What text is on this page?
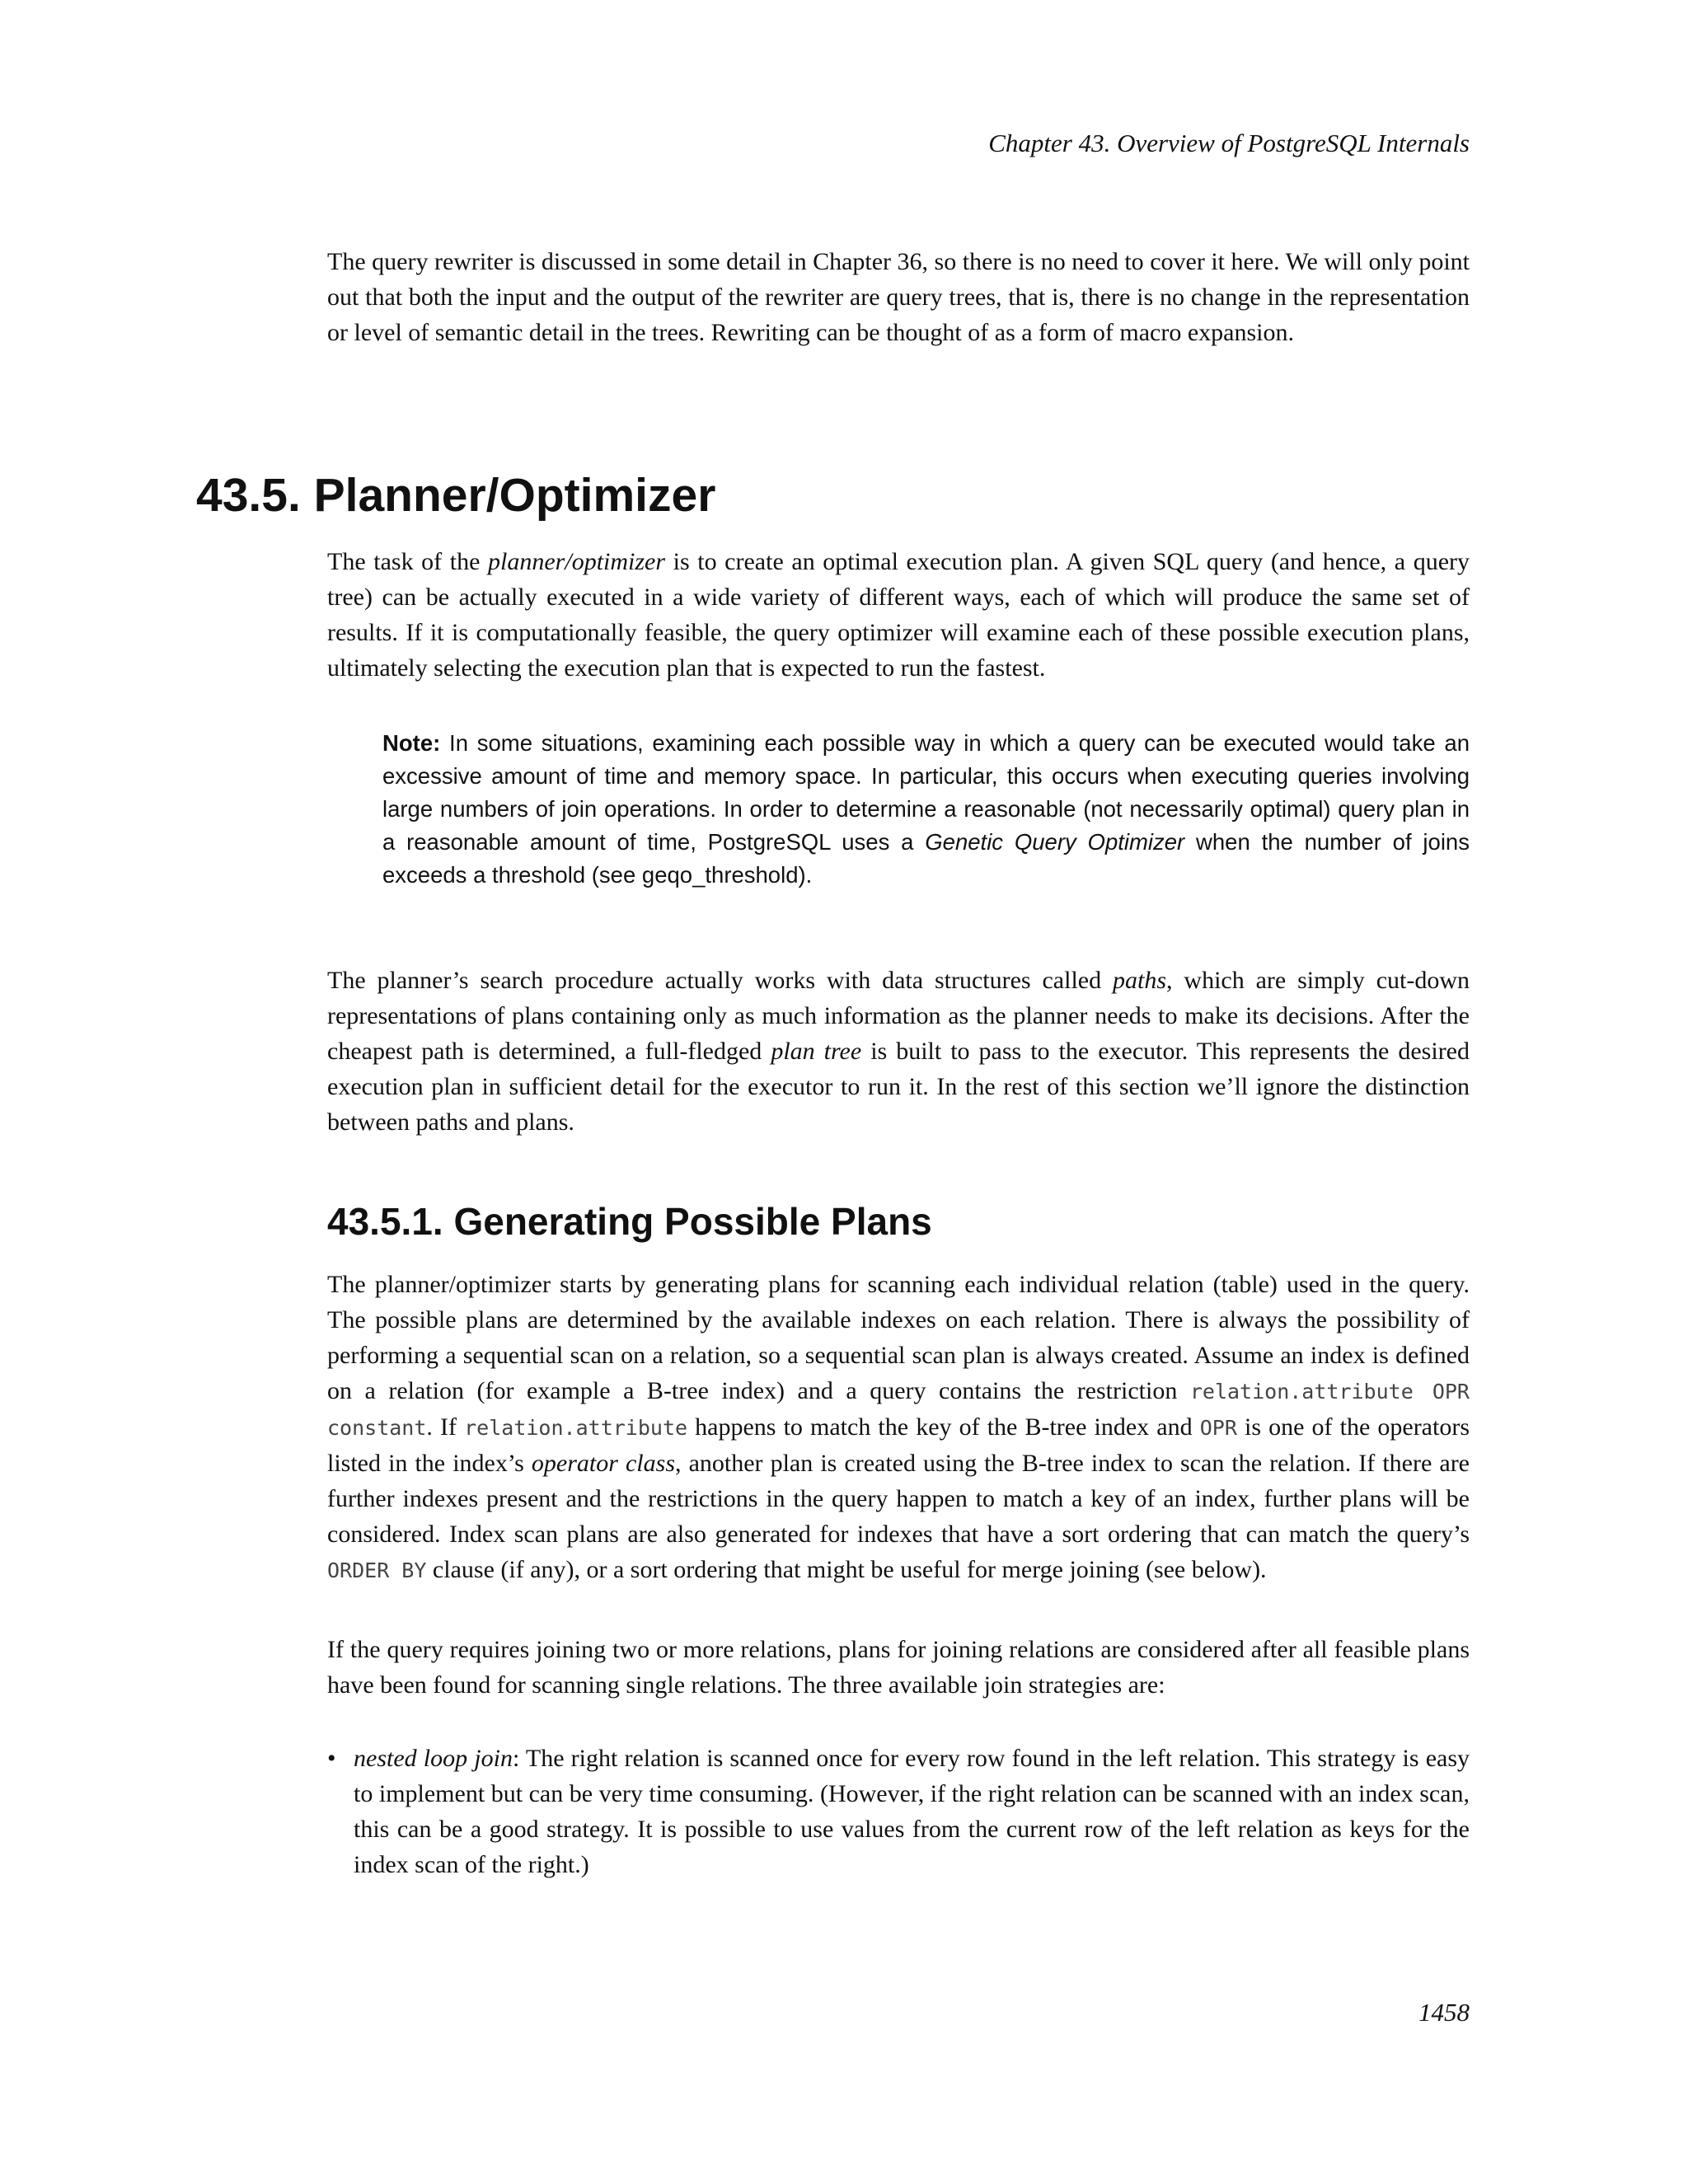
Chapter 43. Overview of PostgreSQL Internals

The query rewriter is discussed in some detail in Chapter 36, so there is no need to cover it here. We will only point out that both the input and the output of the rewriter are query trees, that is, there is no change in the representation or level of semantic detail in the trees. Rewriting can be thought of as a form of macro expansion.

43.5. Planner/Optimizer

The task of the planner/optimizer is to create an optimal execution plan. A given SQL query (and hence, a query tree) can be actually executed in a wide variety of different ways, each of which will produce the same set of results. If it is computationally feasible, the query optimizer will examine each of these possible execution plans, ultimately selecting the execution plan that is expected to run the fastest.

Note: In some situations, examining each possible way in which a query can be executed would take an excessive amount of time and memory space. In particular, this occurs when executing queries involving large numbers of join operations. In order to determine a reasonable (not necessarily optimal) query plan in a reasonable amount of time, PostgreSQL uses a Genetic Query Optimizer when the number of joins exceeds a threshold (see geqo_threshold).

The planner’s search procedure actually works with data structures called paths, which are simply cut-down representations of plans containing only as much information as the planner needs to make its decisions. After the cheapest path is determined, a full-fledged plan tree is built to pass to the executor. This represents the desired execution plan in sufficient detail for the executor to run it. In the rest of this section we’ll ignore the distinction between paths and plans.

43.5.1. Generating Possible Plans

The planner/optimizer starts by generating plans for scanning each individual relation (table) used in the query. The possible plans are determined by the available indexes on each relation. There is always the possibility of performing a sequential scan on a relation, so a sequential scan plan is always created. Assume an index is defined on a relation (for example a B-tree index) and a query contains the restriction relation.attribute OPR constant. If relation.attribute happens to match the key of the B-tree index and OPR is one of the operators listed in the index’s operator class, another plan is created using the B-tree index to scan the relation. If there are further indexes present and the restrictions in the query happen to match a key of an index, further plans will be considered. Index scan plans are also generated for indexes that have a sort ordering that can match the query’s ORDER BY clause (if any), or a sort ordering that might be useful for merge joining (see below).

If the query requires joining two or more relations, plans for joining relations are considered after all feasible plans have been found for scanning single relations. The three available join strategies are:

• nested loop join: The right relation is scanned once for every row found in the left relation. This strategy is easy to implement but can be very time consuming. (However, if the right relation can be scanned with an index scan, this can be a good strategy. It is possible to use values from the current row of the left relation as keys for the index scan of the right.)
1458
